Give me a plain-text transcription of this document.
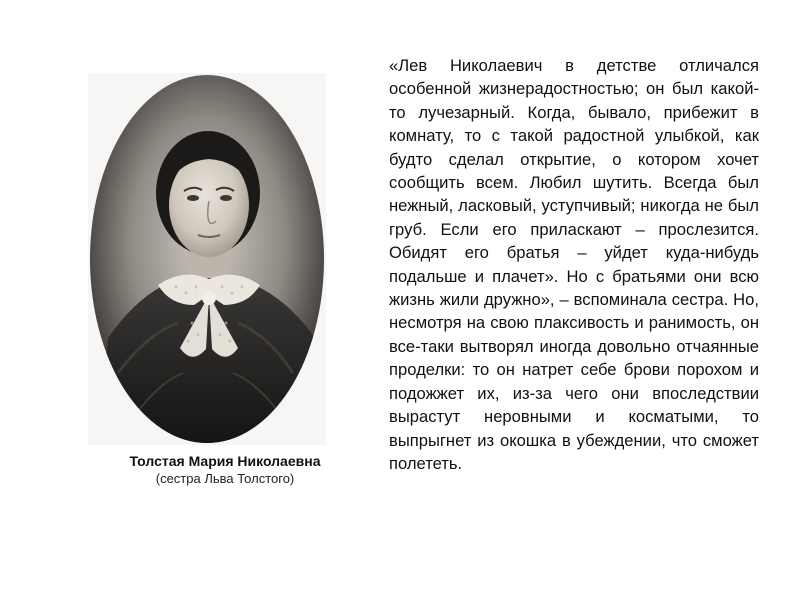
Толстая Мария Николаевна
(сестра Льва Толстого)

«Лев Николаевич в детстве отличался особенной жизнерадостностью; он был какой-то лучезарный. Когда, бывало, прибежит в комнату, то с такой радостной улыбкой, как будто сделал открытие, о котором хочет сообщить всем. Любил шутить. Всегда был нежный, ласковый, уступчивый; никогда не был груб. Если его приласкают – прослезится. Обидят его братья – уйдет куда-нибудь подальше и плачет». Но с братьями они всю жизнь жили дружно», – вспоминала сестра. Но, несмотря на свою плаксивость и ранимость, он все-таки вытворял иногда довольно отчаянные проделки: то он натрет себе брови порохом и подожжет их, из-за чего они впоследствии вырастут неровными и косматыми, то выпрыгнет из окошка в убеждении, что сможет полететь.
